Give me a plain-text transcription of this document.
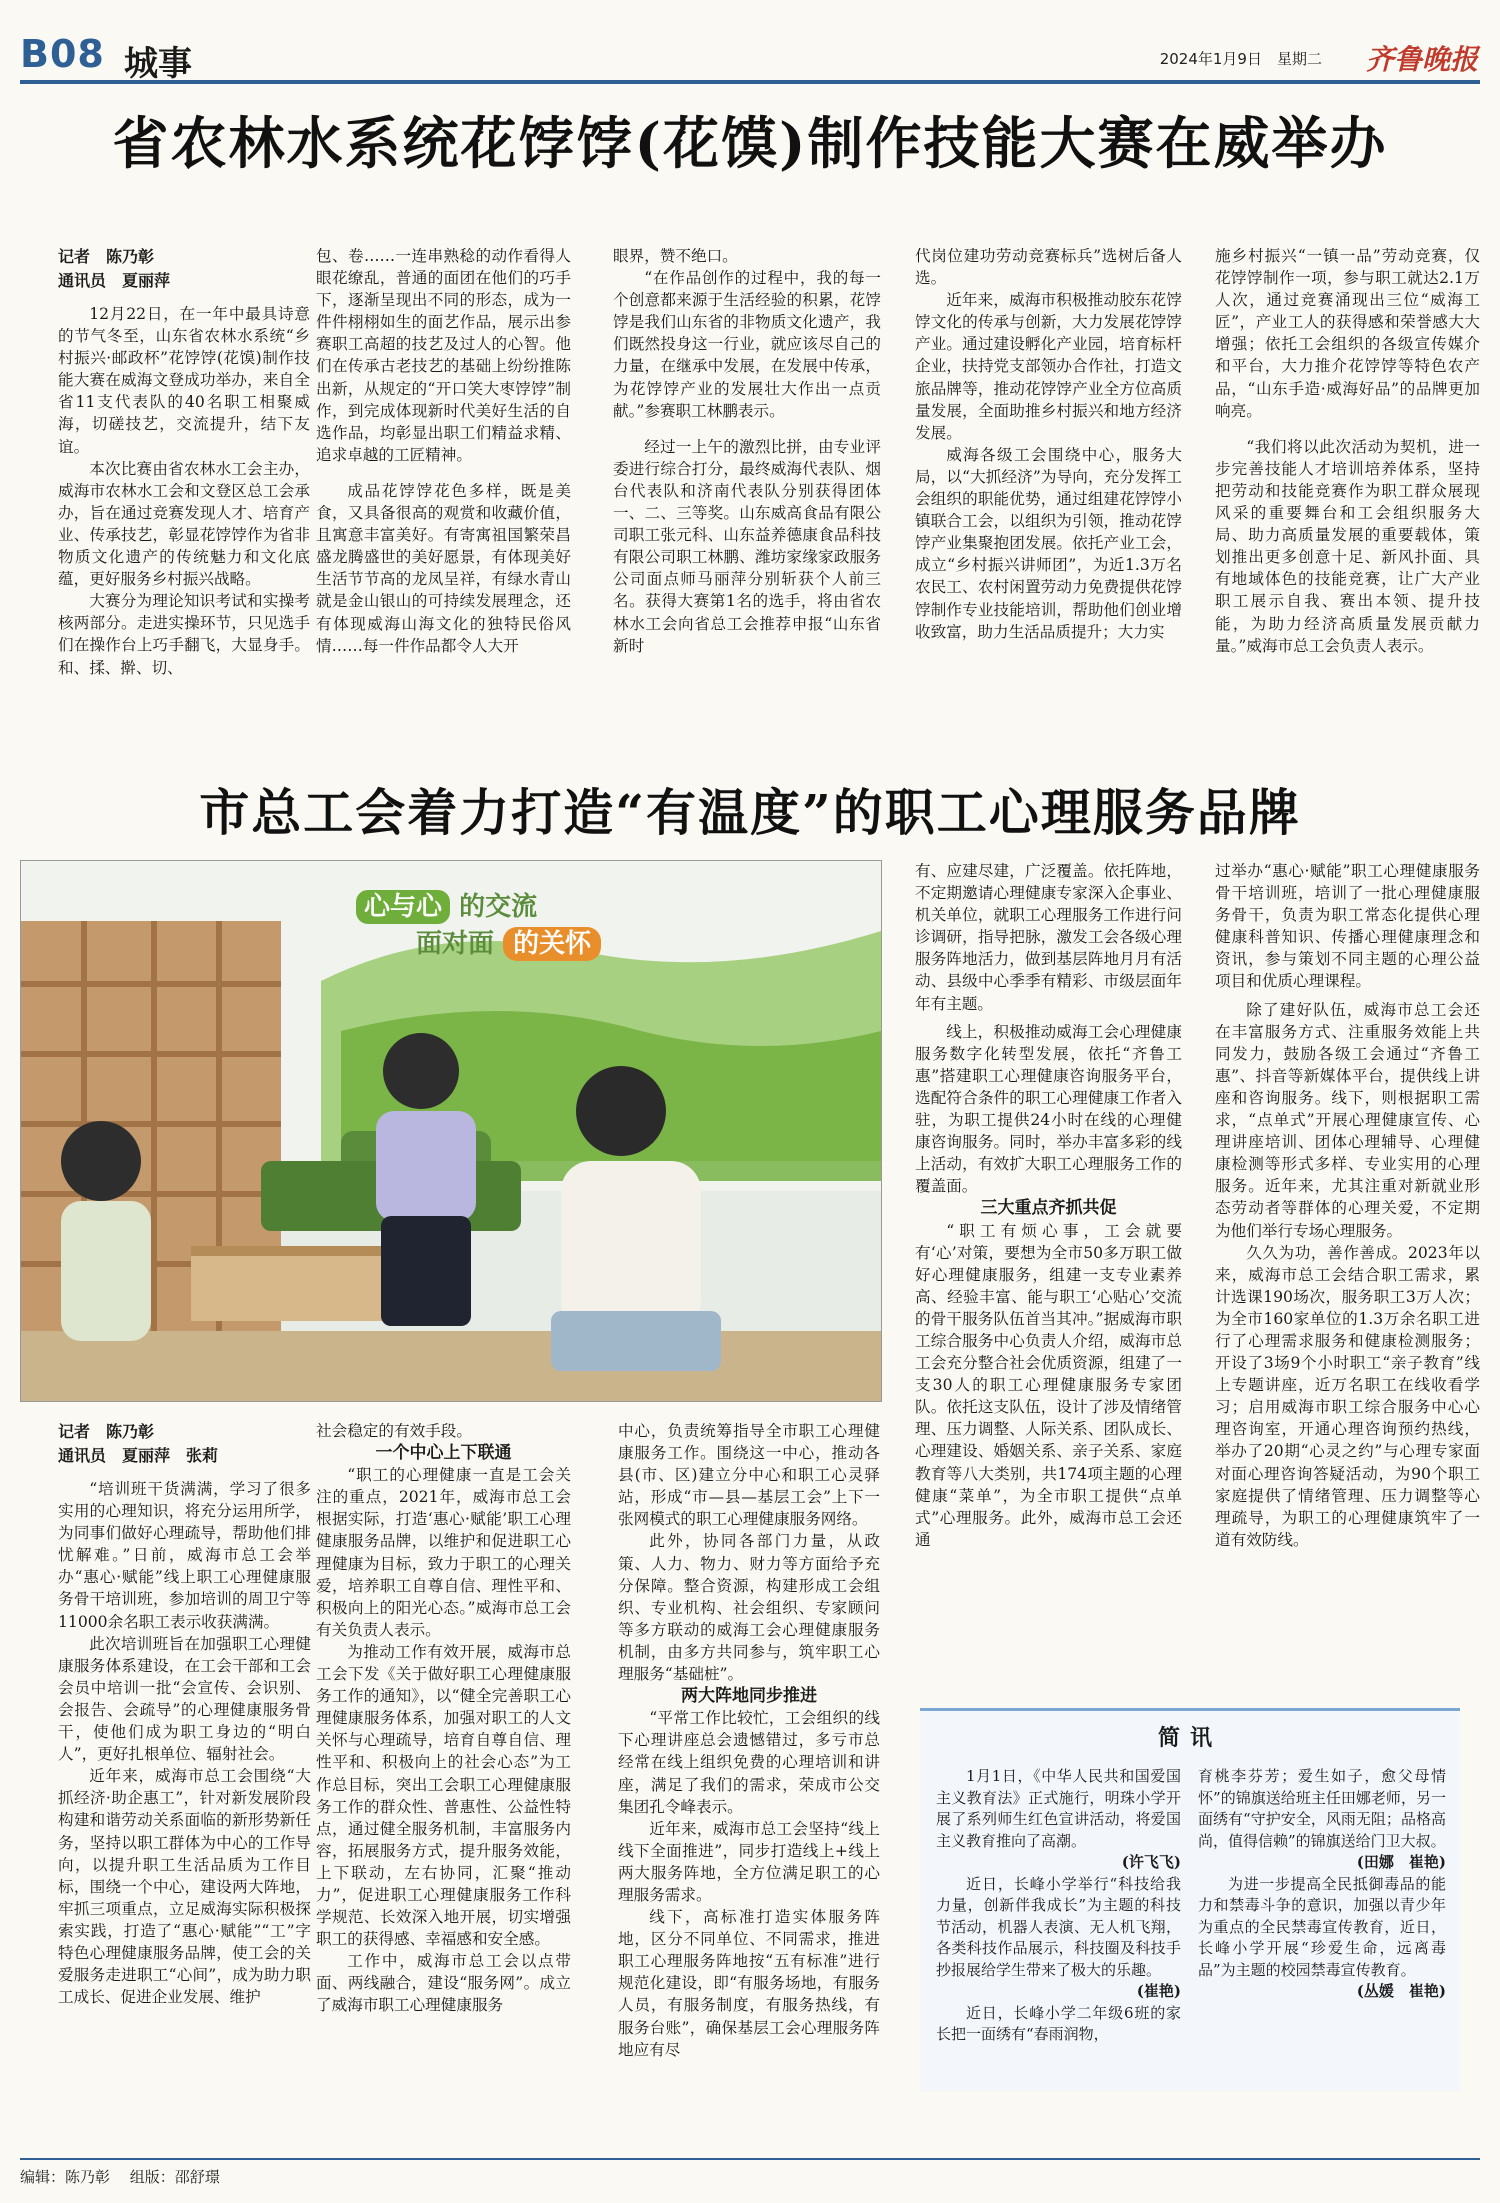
B08 城事	2024年1月9日　 星期二 齐鲁晚报
省农林水系统花饽饽(花馍)制作技能大赛在威举办
记者　陈乃彰
通讯员　夏丽萍

12月22日，在一年中最具诗意的节气冬至，山东省农林水系统“乡村振兴·邮政杯”花饽饽(花馍)制作技能大赛在威海文登成功举办，来自全省11支代表队的40名职工相聚威海，切磋技艺，交流提升，结下友谊。

本次比赛由省农林水工会主办，威海市农林水工会和文登区总工会承办，旨在通过竞赛发现人才、培育产业、传承技艺，彰显花饽饽作为省非物质文化遗产的传统魅力和文化底蕴，更好服务乡村振兴战略。

大赛分为理论知识考试和实操考核两部分。走进实操环节，只见选手们在操作台上巧手翻飞，大显身手。和、揉、擀、切、

包、卷……一连串熟稔的动作看得人眼花缭乱，普通的面团在他们的巧手下，逐渐呈现出不同的形态，成为一件件栩栩如生的面艺作品，展示出参赛职工高超的技艺及过人的心智。他们在传承古老技艺的基础上纷纷推陈出新，从规定的“开口笑大枣饽饽”制作，到完成体现新时代美好生活的自选作品，均彰显出职工们精益求精、追求卓越的工匠精神。

成品花饽饽花色多样，既是美食，又具备很高的观赏和收藏价值，且寓意丰富美好。有寄寓祖国繁荣昌盛龙腾盛世的美好愿景，有体现美好生活节节高的龙凤呈祥，有绿水青山就是金山银山的可持续发展理念，还有体现威海山海文化的独特民俗风情……每一件作品都令人大开

眼界，赞不绝口。

“在作品创作的过程中，我的每一个创意都来源于生活经验的积累，花饽饽是我们山东省的非物质文化遗产，我们既然投身这一行业，就应该尽自己的力量，在继承中发展，在发展中传承，为花饽饽产业的发展壮大作出一点贡献。”参赛职工林鹏表示。

经过一上午的激烈比拼，由专业评委进行综合打分，最终威海代表队、烟台代表队和济南代表队分别获得团体一、二、三等奖。山东威高食品有限公司职工张元科、山东益养德康食品科技有限公司职工林鹏、潍坊家缘家政服务公司面点师马丽萍分别斩获个人前三名。获得大赛第1名的选手，将由省农林水工会向省总工会推荐申报“山东省新时

代岗位建功劳动竞赛标兵”选树后备人选。

近年来，威海市积极推动胶东花饽饽文化的传承与创新，大力发展花饽饽产业。通过建设孵化产业园，培育标杆企业，扶持党支部领办合作社，打造文旅品牌等，推动花饽饽产业全方位高质量发展，全面助推乡村振兴和地方经济发展。

威海各级工会围绕中心，服务大局，以“大抓经济”为导向，充分发挥工会组织的职能优势，通过组建花饽饽小镇联合工会，以组织为引领，推动花饽饽产业集聚抱团发展。依托产业工会，成立“乡村振兴讲师团”，为近1.3万名农民工、农村闲置劳动力免费提供花饽饽制作专业技能培训，帮助他们创业增收致富，助力生活品质提升；大力实

施乡村振兴“一镇一品”劳动竞赛，仅花饽饽制作一项，参与职工就达2.1万人次，通过竞赛涌现出三位“威海工匠”，产业工人的获得感和荣誉感大大增强；依托工会组织的各级宣传媒介和平台，大力推介花饽饽等特色农产品，“山东手造·威海好品”的品牌更加响亮。

“我们将以此次活动为契机，进一步完善技能人才培训培养体系，坚持把劳动和技能竞赛作为职工群众展现风采的重要舞台和工会组织服务大局、助力高质量发展的重要载体，策划推出更多创意十足、新风扑面、具有地域体色的技能竞赛，让广大产业职工展示自我、赛出本领、提升技能，为助力经济高质量发展贡献力量。”威海市总工会负责人表示。

市总工会着力打造“有温度”的职工心理服务品牌
心与心 的交流
面对面 的关怀
记者　陈乃彰
通讯员　夏丽萍　张莉

“培训班干货满满，学习了很多实用的心理知识，将充分运用所学，为同事们做好心理疏导，帮助他们排忧解难。”日前，威海市总工会举办“惠心·赋能”线上职工心理健康服务骨干培训班，参加培训的周卫宁等11000余名职工表示收获满满。

此次培训班旨在加强职工心理健康服务体系建设，在工会干部和工会会员中培训一批“会宣传、会识别、会报告、会疏导”的心理健康服务骨干，使他们成为职工身边的“明白人”，更好扎根单位、辐射社会。

近年来，威海市总工会围绕“大抓经济·助企惠工”，针对新发展阶段构建和谐劳动关系面临的新形势新任务，坚持以职工群体为中心的工作导向，以提升职工生活品质为工作目标，围绕一个中心，建设两大阵地，牢抓三项重点，立足威海实际积极探索实践，打造了“惠心·赋能”“工”字特色心理健康服务品牌，使工会的关爱服务走进职工“心间”，成为助力职工成长、促进企业发展、维护

社会稳定的有效手段。

一个中心上下联通

“职工的心理健康一直是工会关注的重点，2021年，威海市总工会根据实际，打造‘惠心·赋能’职工心理健康服务品牌，以维护和促进职工心理健康为目标，致力于职工的心理关爱，培养职工自尊自信、理性平和、积极向上的阳光心态。”威海市总工会有关负责人表示。

为推动工作有效开展，威海市总工会下发《关于做好职工心理健康服务工作的通知》，以“健全完善职工心理健康服务体系，加强对职工的人文关怀与心理疏导，培育自尊自信、理性平和、积极向上的社会心态”为工作总目标，突出工会职工心理健康服务工作的群众性、普惠性、公益性特点，通过健全服务机制，丰富服务内容，拓展服务方式，提升服务效能，上下联动，左右协同，汇聚“推动力”，促进职工心理健康服务工作科学规范、长效深入地开展，切实增强职工的获得感、幸福感和安全感。

工作中，威海市总工会以点带面、两线融合，建设“服务网”。成立了威海市职工心理健康服务

中心，负责统筹指导全市职工心理健康服务工作。围绕这一中心，推动各县(市、区)建立分中心和职工心灵驿站，形成“市—县—基层工会”上下一张网模式的职工心理健康服务网络。

此外，协同各部门力量，从政策、人力、物力、财力等方面给予充分保障。整合资源，构建形成工会组织、专业机构、社会组织、专家顾问等多方联动的威海工会心理健康服务机制，由多方共同参与，筑牢职工心理服务“基础桩”。

两大阵地同步推进

“平常工作比较忙，工会组织的线下心理讲座总会遗憾错过，多亏市总经常在线上组织免费的心理培训和讲座，满足了我们的需求，荣成市公交集团孔令峰表示。

近年来，威海市总工会坚持“线上线下全面推进”，同步打造线上+线上两大服务阵地，全方位满足职工的心理服务需求。

线下，高标准打造实体服务阵地，区分不同单位、不同需求，推进职工心理服务阵地按“五有标准”进行规范化建设，即“有服务场地，有服务人员，有服务制度，有服务热线，有服务台账”，确保基层工会心理服务阵地应有尽

有、应建尽建，广泛覆盖。依托阵地，不定期邀请心理健康专家深入企事业、机关单位，就职工心理服务工作进行问诊调研，指导把脉，激发工会各级心理服务阵地活力，做到基层阵地月月有活动、县级中心季季有精彩、市级层面年年有主题。

线上，积极推动威海工会心理健康服务数字化转型发展，依托“齐鲁工惠”搭建职工心理健康咨询服务平台，选配符合条件的职工心理健康工作者入驻，为职工提供24小时在线的心理健康咨询服务。同时，举办丰富多彩的线上活动，有效扩大职工心理服务工作的覆盖面。

三大重点齐抓共促

“职工有烦心事，工会就要有‘心’对策，要想为全市50多万职工做好心理健康服务，组建一支专业素养高、经验丰富、能与职工‘心贴心’交流的骨干服务队伍首当其冲。”据威海市职工综合服务中心负责人介绍，威海市总工会充分整合社会优质资源，组建了一支30人的职工心理健康服务专家团队。依托这支队伍，设计了涉及情绪管理、压力调整、人际关系、团队成长、心理建设、婚姻关系、亲子关系、家庭教育等八大类别，共174项主题的心理健康“菜单”，为全市职工提供“点单式”心理服务。此外，威海市总工会还通

过举办“惠心·赋能”职工心理健康服务骨干培训班，培训了一批心理健康服务骨干，负责为职工常态化提供心理健康科普知识、传播心理健康理念和资讯，参与策划不同主题的心理公益项目和优质心理课程。

除了建好队伍，威海市总工会还在丰富服务方式、注重服务效能上共同发力，鼓励各级工会通过“齐鲁工惠”、抖音等新媒体平台，提供线上讲座和咨询服务。线下，则根据职工需求，“点单式”开展心理健康宣传、心理讲座培训、团体心理辅导、心理健康检测等形式多样、专业实用的心理服务。近年来，尤其注重对新就业形态劳动者等群体的心理关爱，不定期为他们举行专场心理服务。

久久为功，善作善成。2023年以来，威海市总工会结合职工需求，累计选课190场次，服务职工3万人次；为全市160家单位的1.3万余名职工进行了心理需求服务和健康检测服务；开设了3场9个小时职工“亲子教育”线上专题讲座，近万名职工在线收看学习；启用威海市职工综合服务中心心理咨询室，开通心理咨询预约热线，举办了20期“心灵之约”与心理专家面对面心理咨询答疑活动，为90个职工家庭提供了情绪管理、压力调整等心理疏导，为职工的心理健康筑牢了一道有效防线。

简讯

1月1日，《中华人民共和国爱国主义教育法》正式施行，明珠小学开展了系列师生红色宣讲活动，将爱国主义教育推向了高潮。

(许飞飞)

近日，长峰小学举行“科技给我力量，创新伴我成长”为主题的科技节活动，机器人表演、无人机飞翔，各类科技作品展示，科技圈及科技手抄报展给学生带来了极大的乐趣。

(崔艳)

近日，长峰小学二年级6班的家长把一面绣有“春雨润物，

育桃李芬芳；爱生如子，愈父母情怀”的锦旗送给班主任田娜老师，另一面绣有“守护安全，风雨无阻；品格高尚，值得信赖”的锦旗送给门卫大叔。

(田娜　崔艳)

为进一步提高全民抵御毒品的能力和禁毒斗争的意识，加强以青少年为重点的全民禁毒宣传教育，近日，长峰小学开展“珍爱生命，远离毒品”为主题的校园禁毒宣传教育。

(丛媛　崔艳)
编辑：陈乃彰　 组版：邵舒璟
